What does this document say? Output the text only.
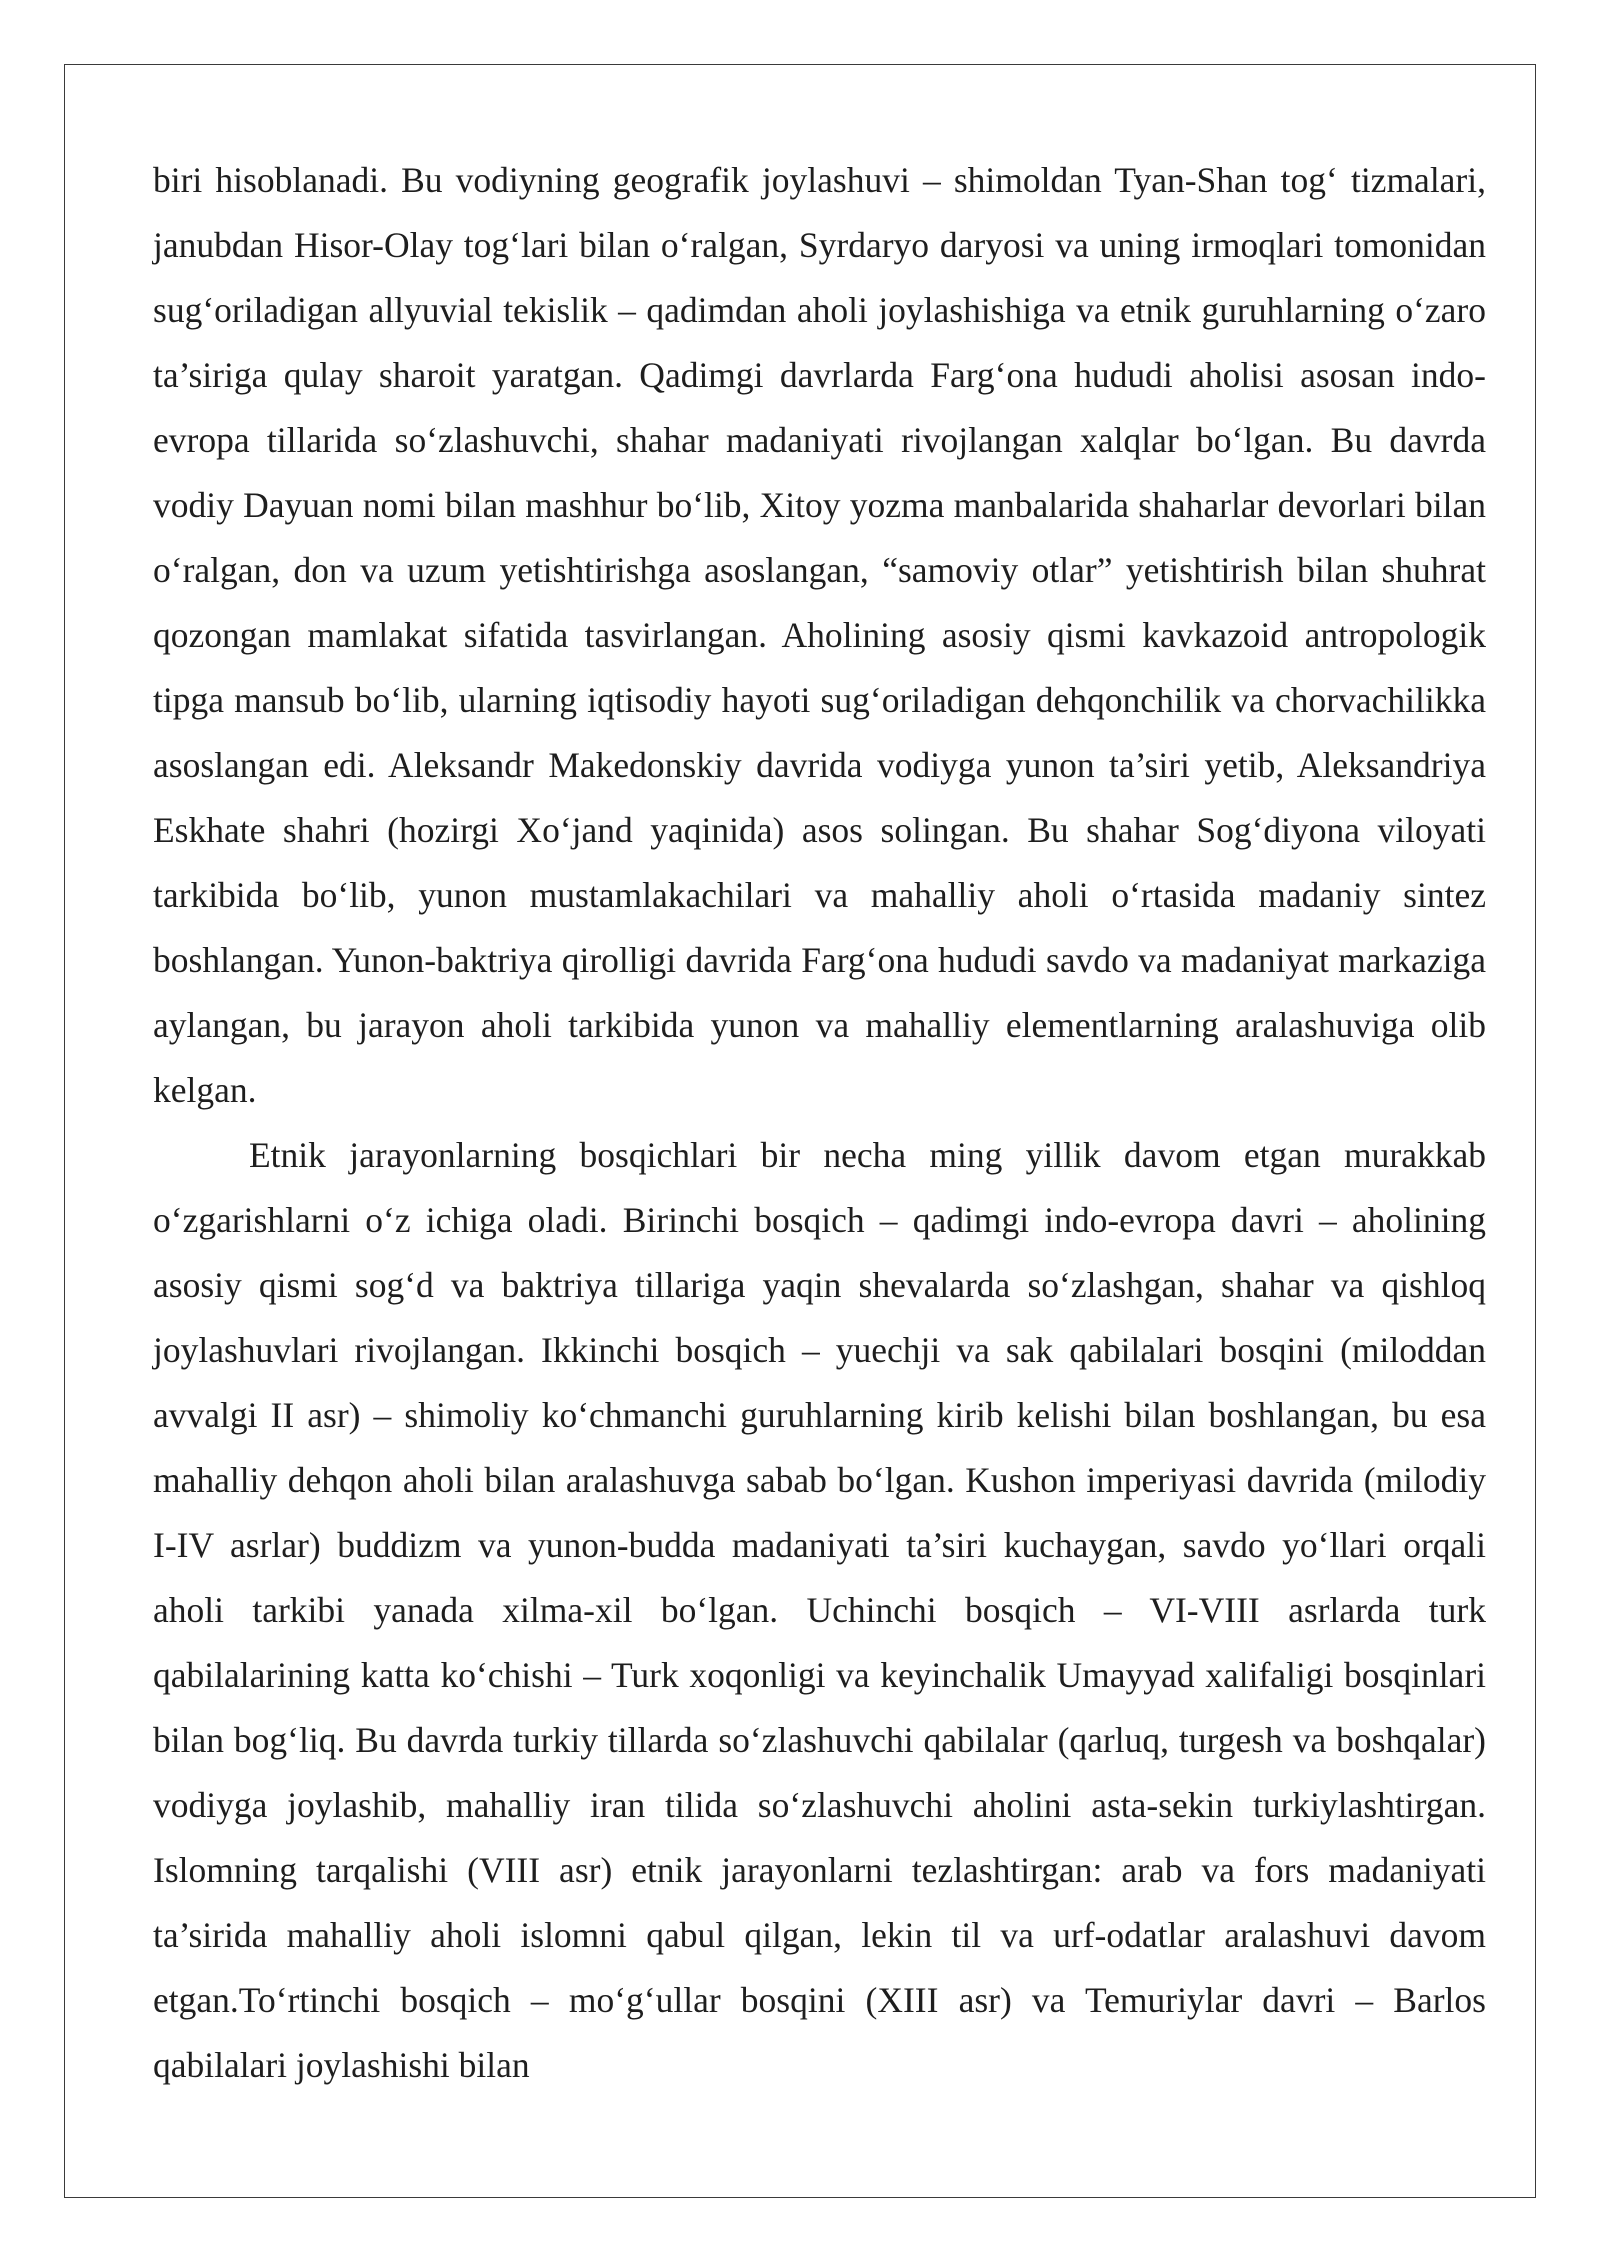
biri hisoblanadi. Bu vodiyning geografik joylashuvi – shimoldan Tyan-Shan tog‘ tizmalari, janubdan Hisor-Olay tog‘lari bilan o‘ralgan, Syrdaryo daryosi va uning irmoqlari tomonidan sug‘oriladigan allyuvial tekislik – qadimdan aholi joylashishiga va etnik guruhlarning o‘zaro ta’siriga qulay sharoit yaratgan. Qadimgi davrlarda Farg‘ona hududi aholisi asosan indo-evropa tillarida so‘zlashuvchi, shahar madaniyati rivojlangan xalqlar bo‘lgan. Bu davrda vodiy Dayuan nomi bilan mashhur bo‘lib, Xitoy yozma manbalarida shaharlar devorlari bilan o‘ralgan, don va uzum yetishtirishga asoslangan, “samoviy otlar” yetishtirish bilan shuhrat qozongan mamlakat sifatida tasvirlangan. Aholining asosiy qismi kavkazoid antropologik tipga mansub bo‘lib, ularning iqtisodiy hayoti sug‘oriladigan dehqonchilik va chorvachilikka asoslangan edi. Aleksandr Makedonskiy davrida vodiyga yunon ta’siri yetib, Aleksandriya Eskhate shahri (hozirgi Xo‘jand yaqinida) asos solingan. Bu shahar Sog‘diyona viloyati tarkibida bo‘lib, yunon mustamlakachilari va mahalliy aholi o‘rtasida madaniy sintez boshlangan. Yunon-baktriya qirolligi davrida Farg‘ona hududi savdo va madaniyat markaziga aylangan, bu jarayon aholi tarkibida yunon va mahalliy elementlarning aralashuviga olib kelgan.

Etnik jarayonlarning bosqichlari bir necha ming yillik davom etgan murakkab o‘zgarishlarni o‘z ichiga oladi. Birinchi bosqich – qadimgi indo-evropa davri – aholining asosiy qismi sog‘d va baktriya tillariga yaqin shevalarda so‘zlashgan, shahar va qishloq joylashuvlari rivojlangan. Ikkinchi bosqich – yuechji va sak qabilalari bosqini (miloddan avvalgi II asr) – shimoliy ko‘chmanchi guruhlarning kirib kelishi bilan boshlangan, bu esa mahalliy dehqon aholi bilan aralashuvga sabab bo‘lgan. Kushon imperiyasi davrida (milodiy I-IV asrlar) buddizm va yunon-budda madaniyati ta’siri kuchaygan, savdo yo‘llari orqali aholi tarkibi yanada xilma-xil bo‘lgan. Uchinchi bosqich – VI-VIII asrlarda turk qabilalarining katta ko‘chishi – Turk xoqonligi va keyinchalik Umayyad xalifaligi bosqinlari bilan bog‘liq. Bu davrda turkiy tillarda so‘zlashuvchi qabilalar (qarluq, turgesh va boshqalar) vodiyga joylashib, mahalliy iran tilida so‘zlashuvchi aholini asta-sekin turkiylashtirgan. Islomning tarqalishi (VIII asr) etnik jarayonlarni tezlashtirgan: arab va fors madaniyati ta’sirida mahalliy aholi islomni qabul qilgan, lekin til va urf-odatlar aralashuvi davom etgan.To‘rtinchi bosqich – mo‘g‘ullar bosqini (XIII asr) va Temuriylar davri – Barlos qabilalari joylashishi bilan
